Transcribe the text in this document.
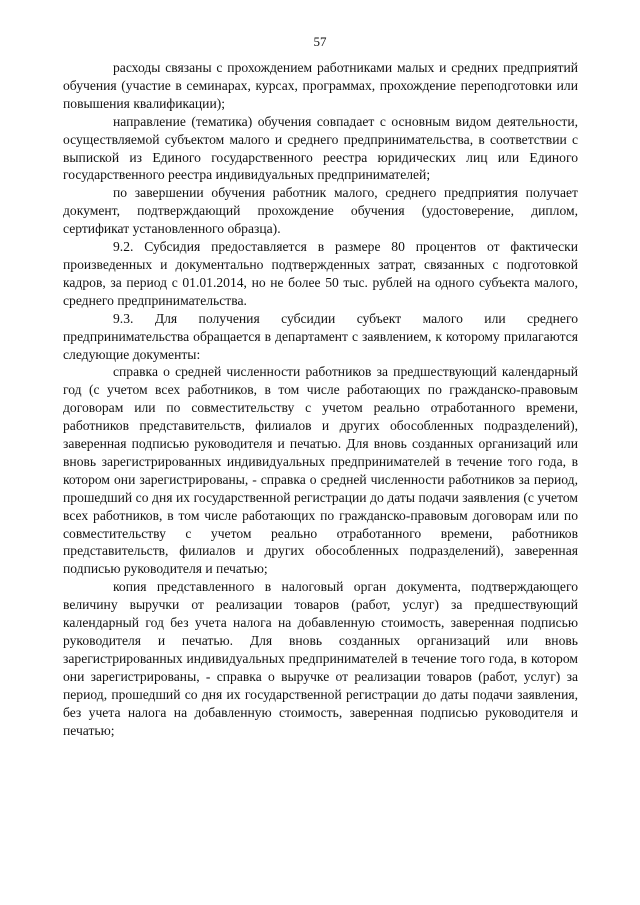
57

расходы связаны с прохождением работниками малых и средних предприятий обучения (участие в семинарах, курсах, программах, прохождение переподготовки или повышения квалификации);

направление (тематика) обучения совпадает с основным видом деятельности, осуществляемой субъектом малого и среднего предпринимательства, в соответствии с выпиской из Единого государственного реестра юридических лиц или Единого государственного реестра индивидуальных предпринимателей;

по завершении обучения работник малого, среднего предприятия получает документ, подтверждающий прохождение обучения (удостоверение, диплом, сертификат установленного образца).

9.2. Субсидия предоставляется в размере 80 процентов от фактически произведенных и документально подтвержденных затрат, связанных с подготовкой кадров, за период с 01.01.2014, но не более 50 тыс. рублей на одного субъекта малого, среднего предпринимательства.

9.3. Для получения субсидии субъект малого или среднего предпринимательства обращается в департамент с заявлением, к которому прилагаются следующие документы:

справка о средней численности работников за предшествующий календарный год (с учетом всех работников, в том числе работающих по гражданско-правовым договорам или по совместительству с учетом реально отработанного времени, работников представительств, филиалов и других обособленных подразделений), заверенная подписью руководителя и печатью. Для вновь созданных организаций или вновь зарегистрированных индивидуальных предпринимателей в течение того года, в котором они зарегистрированы, - справка о средней численности работников за период, прошедший со дня их государственной регистрации до даты подачи заявления (с учетом всех работников, в том числе работающих по гражданско-правовым договорам или по совместительству с учетом реально отработанного времени, работников представительств, филиалов и других обособленных подразделений), заверенная подписью руководителя и печатью;

копия представленного в налоговый орган документа, подтверждающего величину выручки от реализации товаров (работ, услуг) за предшествующий календарный год без учета налога на добавленную стоимость, заверенная подписью руководителя и печатью. Для вновь созданных организаций или вновь зарегистрированных индивидуальных предпринимателей в течение того года, в котором они зарегистрированы, - справка о выручке от реализации товаров (работ, услуг) за период, прошедший со дня их государственной регистрации до даты подачи заявления, без учета налога на добавленную стоимость, заверенная подписью руководителя и печатью;
